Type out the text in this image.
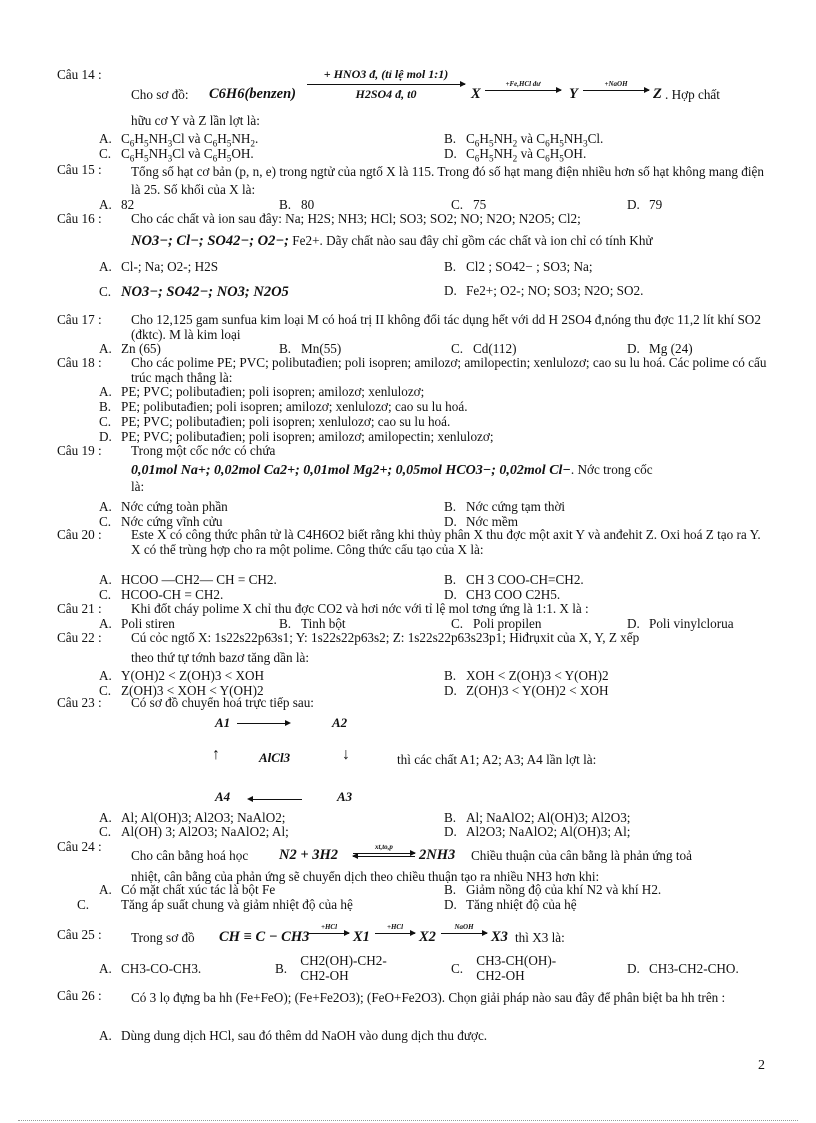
Câu 14 :
Cho sơ đồ: C6H6(benzen)
+ HNO3 đ, (tỉ lệ mol 1:1)
H2SO4 đ, t0	X
+Fe,HCl dư
Y
+NaOH
Z . Hợp chất
hữu cơ Y và Z lần lợt là:
A. $C_6H_5NH_3Cl$ và $C_6H_5NH_2$.	B. $C_6H_5NH_2$ và $C_6H_5NH_3Cl$.
C. $C_6H_5NH_3Cl$ và $C_6H_5OH$.	D. $C_6H_5NH_2$ và $C_6H_5OH$.
Câu 15 :	Tổng số hạt cơ bản (p, n, e) trong ngtử của ngtố X là 115. Trong đó số hạt mang điện nhiều hơn số hạt không mang điện là 25. Số khối của X là:
A. 82	B. 80	C. 75	D. 79
Câu 16 :	Cho các chất và ion sau đây: Na; H2S; NH3; HCl; SO3; SO2; NO; N2O; N2O5; Cl2;
NO3−; Cl−; SO42−; O2−; Fe2+. Dãy chất nào sau đây chỉ gồm các chất và ion chỉ có tính Khử
A. Cl-; Na; O2-; H2S	B. Cl2 ; SO42− ; SO3; Na;
C. NO3−; SO42−; NO3; N2O5	D. Fe2+; O2-; NO; SO3; N2O; SO2.
Câu 17 :	Cho 12,125 gam sunfua kim loại M có hoá trị II không đổi tác dụng hết với dd H 2SO4 đ,nóng thu đợc 11,2 lít khí SO2 (đktc). M là kim loại
A. Zn (65)	B. Mn(55)	C. Cd(112)	D. Mg (24)
Câu 18 :	Cho các polime PE; PVC; polibutađien; poli isopren; amilozơ; amilopectin; xenlulozơ; cao su lu hoá. Các polime có cấu trúc mạch thẳng là:
A. PE; PVC; polibutađien; poli isopren; amilozơ; xenlulozơ;
B. PE; polibutađien; poli isopren; amilozơ; xenlulozơ; cao su lu hoá.
C. PE; PVC; polibutađien; poli isopren; xenlulozơ; cao su lu hoá.
D. PE; PVC; polibutađien; poli isopren; amilozơ; amilopectin; xenlulozơ;
Câu 19 :	Trong một cốc nớc có chứa
0,01mol Na+; 0,02mol Ca2+; 0,01mol Mg2+; 0,05mol HCO3−; 0,02mol Cl−. Nớc trong cốc
là:
A. Nớc cứng toàn phần	B. Nớc cứng tạm thời
C. Nớc cứng vĩnh cửu	D. Nớc mềm
Câu 20 :	Este X có công thức phân tử là C4H6O2 biết rằng khi thủy phân X thu đợc một axit Y và anđehit Z. Oxi hoá Z tạo ra Y. X có thể trùng hợp cho ra một polime. Công thức cấu tạo của X là:
A. HCOO —CH2— CH = CH2.	B. CH 3 COO-CH=CH2.
C. HCOO-CH = CH2.	D. CH3 COO C2H5.
Câu 21 :	Khi đốt cháy polime X chỉ thu đợc CO2 và hơi nớc với tỉ lệ mol tơng ứng là 1:1. X là :
A. Poli stiren	B. Tinh bột	C. Poli propilen	D. Poli vinylclorua
Câu 22 :	Cú cỏc ngtố X: 1s22s22p63s1; Y: 1s22s22p63s2; Z: 1s22s22p63s23p1; Hiđrụxit của X, Y, Z xếp
theo thứ tự tớnh bazơ tăng dần là:
A. Y(OH)2 < Z(OH)3 < XOH	B. XOH < Z(OH)3 < Y(OH)2
C. Z(OH)3 < XOH < Y(OH)2	D. Z(OH)3 < Y(OH)2 < XOH
Câu 23 :	Có sơ đồ chuyển hoá trực tiếp sau:
A1	A2
↑	AlCl3	↓	thì các chất A1; A2; A3; A4 lần lợt là:
A4	A3
A. Al; Al(OH)3; Al2O3; NaAlO2;	B. Al; NaAlO2; Al(OH)3; Al2O3;
C. Al(OH) 3; Al2O3; NaAlO2; Al;	D. Al2O3; NaAlO2; Al(OH)3; Al;
Câu 24 :
Cho cân bằng hoá học N2 + 3H2	xt,to,p	2NH3 Chiều thuận của cân bằng là phản ứng toả
nhiệt, cân bằng của phản ứng sẽ chuyển dịch theo chiều thuận tạo ra nhiều NH3 hơn khi:
A. Có mặt chất xúc tác là bột Fe	B. Giảm nồng độ của khí N2 và khí H2.
C.	Tăng áp suất chung và giảm nhiệt độ của hệ	D. Tăng nhiệt độ của hệ
Câu 25 :	Trong sơ đồ CH ≡ C − CH3
+HCl
X1
+HCl
X2
NaOH
X3 thì X3 là:
A. CH3-CO-CH3.	B.
CH2(OH)-CH2-
CH2-OH	C.
CH3-CH(OH)-
CH2-OH	D. CH3-CH2-CHO.
Câu 26 :	Có 3 lọ đựng ba hh (Fe+FeO); (Fe+Fe2O3); (FeO+Fe2O3). Chọn giải pháp nào sau đây để phân biệt ba hh trên :
A. Dùng dung dịch HCl, sau đó thêm dd NaOH vào dung dịch thu được.
2
